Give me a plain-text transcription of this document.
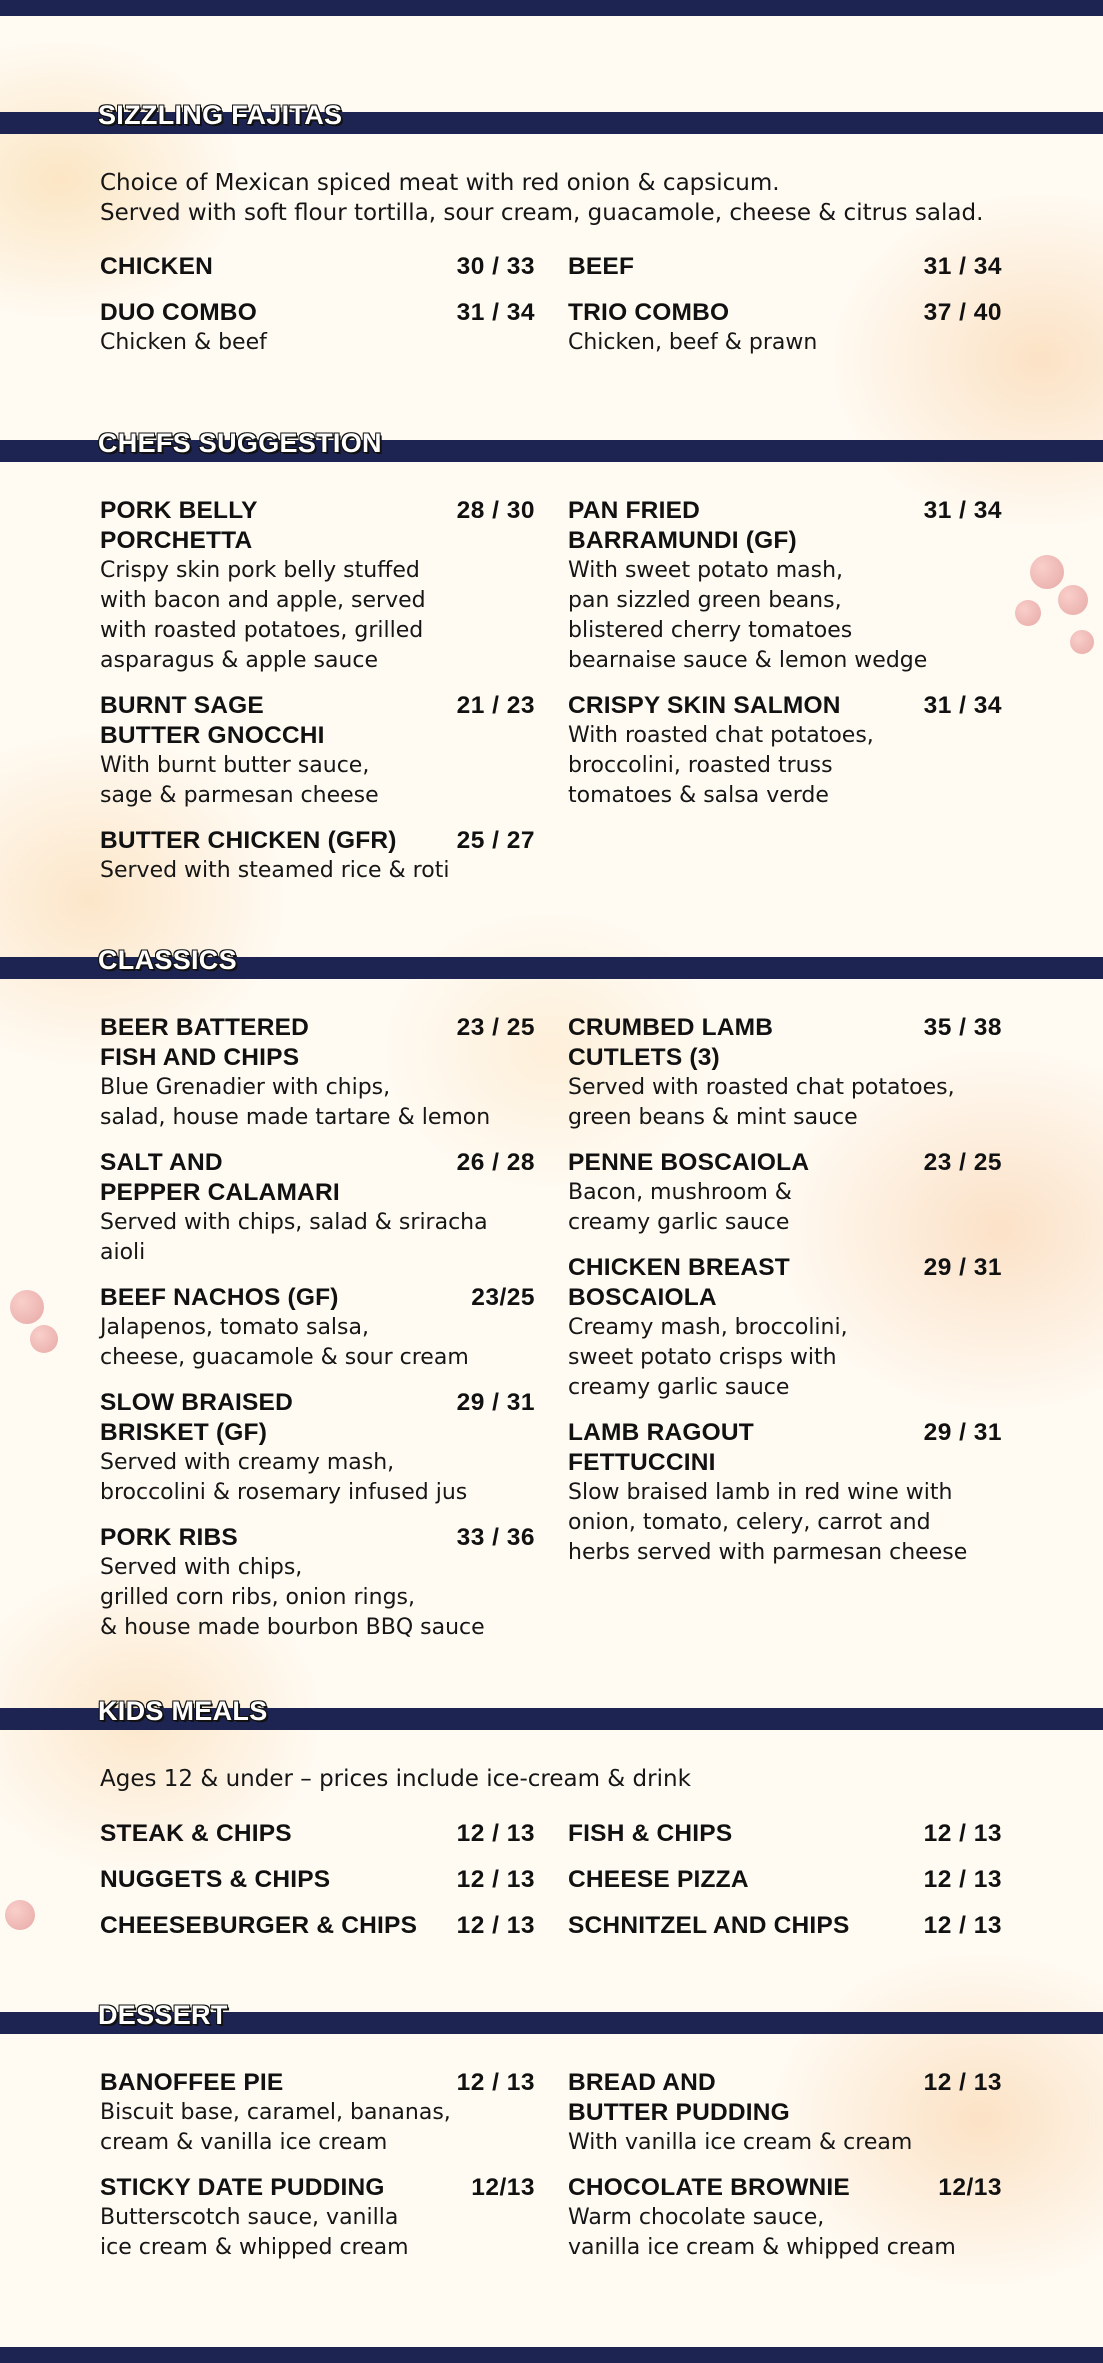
SIZZLING FAJITAS
Choice of Mexican spiced meat with red onion & capsicum.
Served with soft flour tortilla, sour cream, guacamole, cheese & citrus salad.
CHICKEN	30 / 33 BEEF	31 / 34
DUO COMBO	31 / 34
Chicken & beef
TRIO COMBO	37 / 40
Chicken, beef & prawn
CHEFS SUGGESTION
PORK BELLY
PORCHETTA
28 / 30
Crispy skin pork belly stuffed
with bacon and apple, served
with roasted potatoes, grilled
asparagus & apple sauce
PAN FRIED
BARRAMUNDI (GF)
31 / 34
With sweet potato mash,
pan sizzled green beans,
blistered cherry tomatoes
bearnaise sauce & lemon wedge
BURNT SAGE
BUTTER GNOCCHI
21 / 23
With burnt butter sauce,
sage & parmesan cheese
CRISPY SKIN SALMON	31 / 34
With roasted chat potatoes,
broccolini, roasted truss
tomatoes & salsa verde
BUTTER CHICKEN (GFR) 25 / 27
Served with steamed rice & roti
CLASSICS
BEER BATTERED
FISH AND CHIPS
23 / 25
Blue Grenadier with chips,
salad, house made tartare & lemon
CRUMBED LAMB
CUTLETS (3)
35 / 38
Served with roasted chat potatoes,
green beans & mint sauce
SALT AND
PEPPER CALAMARI
26 / 28
Served with chips, salad & sriracha
aioli
PENNE BOSCAIOLA	23 / 25
Bacon, mushroom &
creamy garlic sauce
BEEF NACHOS (GF)	23/25
Jalapenos, tomato salsa,
cheese, guacamole & sour cream
CHICKEN BREAST
BOSCAIOLA
29 / 31
Creamy mash, broccolini,
sweet potato crisps with
creamy garlic sauce
SLOW BRAISED
BRISKET (GF)
29 / 31
Served with creamy mash,
broccolini & rosemary infused jus
LAMB RAGOUT
FETTUCCINI
29 / 31
Slow braised lamb in red wine with
onion, tomato, celery, carrot and
herbs served with parmesan cheese
PORK RIBS	33 / 36
Served with chips,
grilled corn ribs, onion rings,
& house made bourbon BBQ sauce
KIDS MEALS
Ages 12 & under – prices include ice-cream & drink
STEAK & CHIPS	12 / 13 FISH & CHIPS	12 / 13
NUGGETS & CHIPS	12 / 13 CHEESE PIZZA	12 / 13
CHEESEBURGER & CHIPS 12 / 13 SCHNITZEL AND CHIPS	12 / 13
DESSERT
BANOFFEE PIE	12 / 13
Biscuit base, caramel, bananas,
cream & vanilla ice cream
BREAD AND
BUTTER PUDDING
12 / 13
With vanilla ice cream & cream
STICKY DATE PUDDING	12/13
Butterscotch sauce, vanilla
ice cream & whipped cream
CHOCOLATE BROWNIE	12/13
Warm chocolate sauce,
vanilla ice cream & whipped cream
